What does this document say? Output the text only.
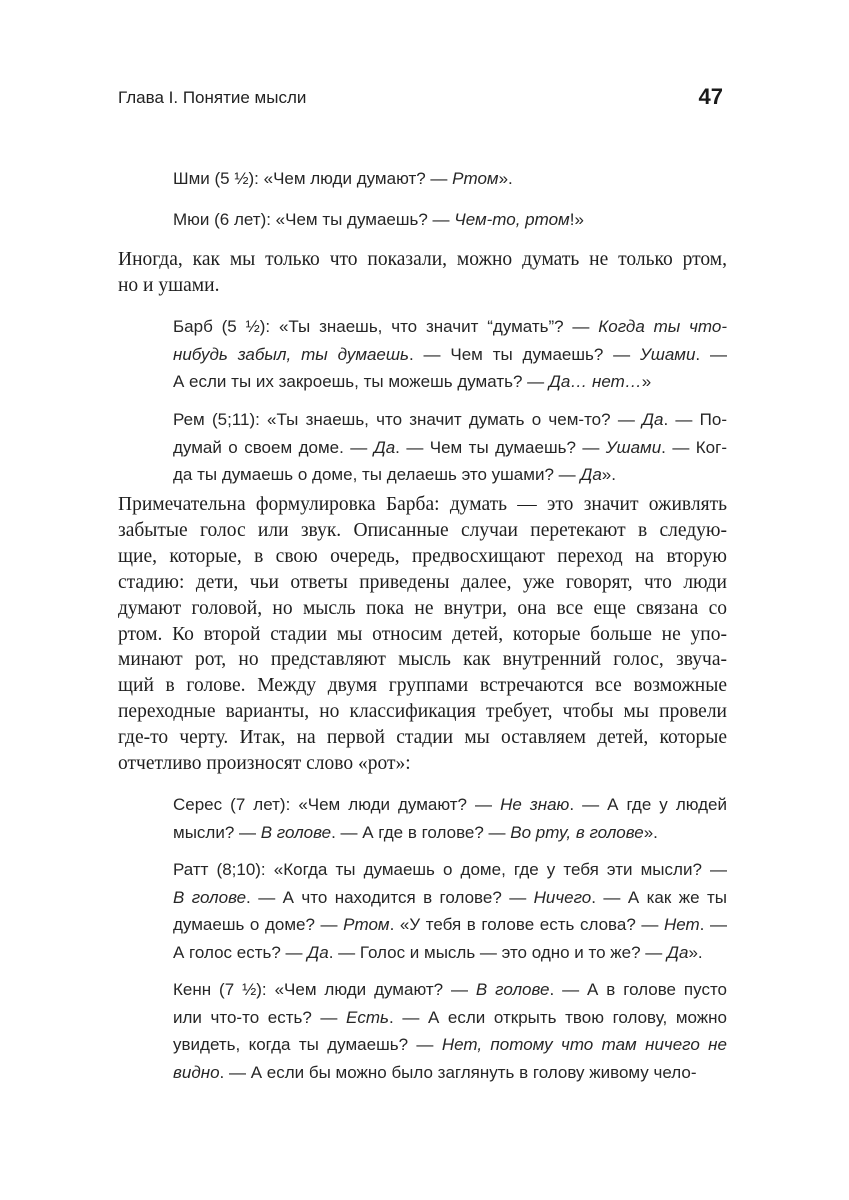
Глава I. Понятие мысли	47
Шми (5 ½): «Чем люди думают? — Ртом».
Мюи (6 лет): «Чем ты думаешь? — Чем-то, ртом!»
Иногда, как мы только что показали, можно думать не только ртом,
но и ушами.
Барб (5 ½): «Ты знаешь, что значит “думать”? — Когда ты что-
нибудь забыл, ты думаешь. — Чем ты думаешь? — Ушами. —
А если ты их закроешь, ты можешь думать? — Да… нет…»
Рем (5;11): «Ты знаешь, что значит думать о чем-то? — Да. — По-
думай о своем доме. — Да. — Чем ты думаешь? — Ушами. — Ког-
да ты думаешь о доме, ты делаешь это ушами? — Да».
Примечательна формулировка Барба: думать — это значит оживлять
забытые голос или звук. Описанные случаи перетекают в следую-
щие, которые, в свою очередь, предвосхищают переход на вторую
стадию: дети, чьи ответы приведены далее, уже говорят, что люди
думают головой, но мысль пока не внутри, она все еще связана со
ртом. Ко второй стадии мы относим детей, которые больше не упо-
минают рот, но представляют мысль как внутренний голос, звуча-
щий в голове. Между двумя группами встречаются все возможные
переходные варианты, но классификация требует, чтобы мы провели
где-то черту. Итак, на первой стадии мы оставляем детей, которые
отчетливо произносят слово «рот»:
Серес (7 лет): «Чем люди думают? — Не знаю. — А где у людей
мысли? — В голове. — А где в голове? — Во рту, в голове».
Ратт (8;10): «Когда ты думаешь о доме, где у тебя эти мысли? —
В голове. — А что находится в голове? — Ничего. — А как же ты
думаешь о доме? — Ртом. «У тебя в голове есть слова? — Нет. —
А голос есть? — Да. — Голос и мысль — это одно и то же? — Да».
Кенн (7 ½): «Чем люди думают? — В голове. — А в голове пусто
или что-то есть? — Есть. — А если открыть твою голову, можно
увидеть, когда ты думаешь? — Нет, потому что там ничего не
видно. — А если бы можно было заглянуть в голову живому чело-
